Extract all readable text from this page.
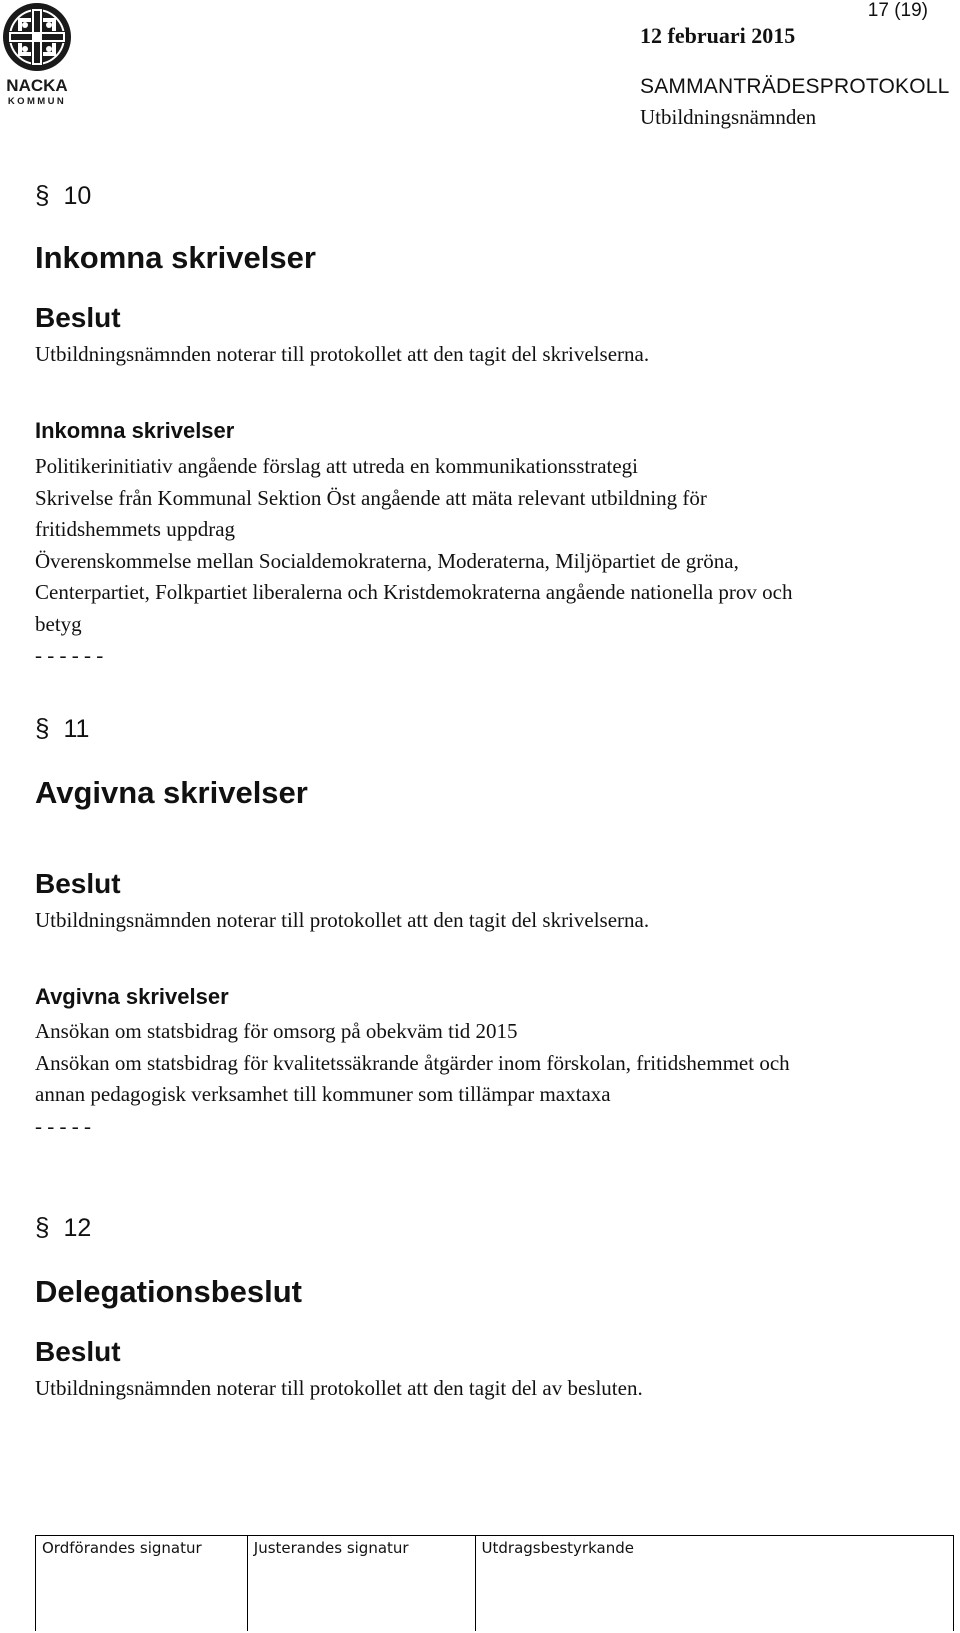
NACKA
KOMMUN
17 (19)
12 februari 2015
SAMMANTRÄDESPROTOKOLL
Utbildningsnämnden
§ 10
Inkomna skrivelser
Beslut
Utbildningsnämnden noterar till protokollet att den tagit del skrivelserna.
Inkomna skrivelser
Politikerinitiativ angående förslag att utreda en kommunikationsstrategi
Skrivelse från Kommunal Sektion Öst angående att mäta relevant utbildning för
fritidshemmets uppdrag
Överenskommelse mellan Socialdemokraterna, Moderaterna, Miljöpartiet de gröna,
Centerpartiet, Folkpartiet liberalerna och Kristdemokraterna angående nationella prov och
betyg
- - - - - -
§ 11
Avgivna skrivelser
Beslut
Utbildningsnämnden noterar till protokollet att den tagit del skrivelserna.
Avgivna skrivelser
Ansökan om statsbidrag för omsorg på obekväm tid 2015
Ansökan om statsbidrag för kvalitetssäkrande åtgärder inom förskolan, fritidshemmet och
annan pedagogisk verksamhet till kommuner som tillämpar maxtaxa
- - - - -
§ 12
Delegationsbeslut
Beslut
Utbildningsnämnden noterar till protokollet att den tagit del av besluten.
Ordförandes signatur	Justerandes signatur	Utdragsbestyrkande
